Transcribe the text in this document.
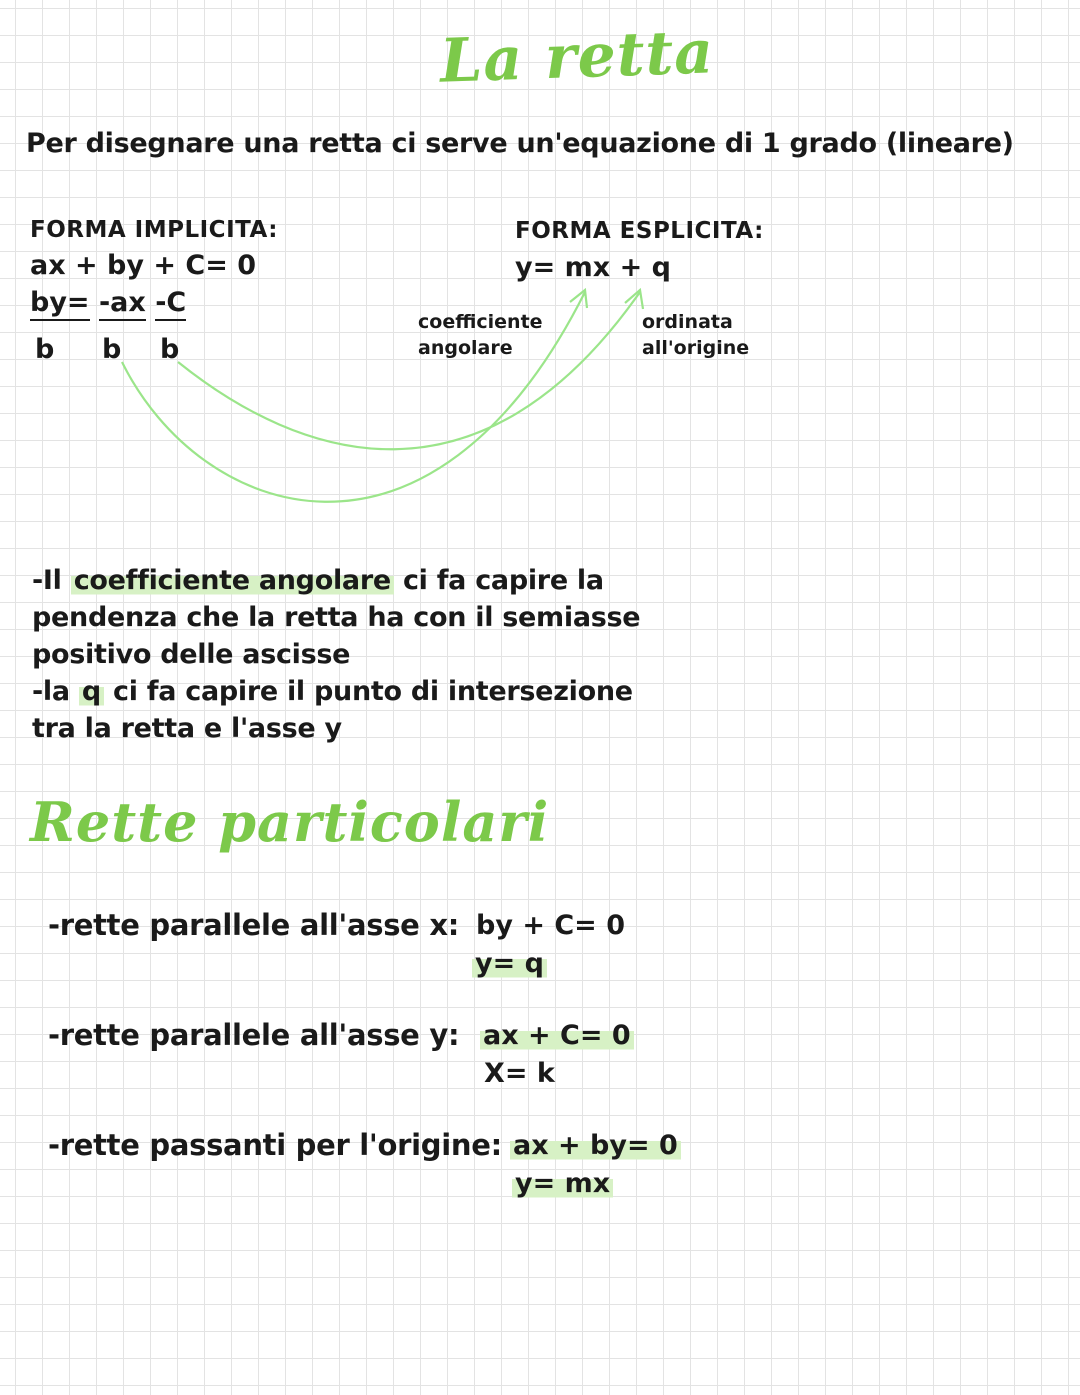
La retta
Per disegnare una retta ci serve un'equazione di 1 grado (lineare)
FORMA IMPLICITA:
ax + by + C= 0
by= -ax -C
b b b
FORMA ESPLICITA:
y= mx + q
coefficiente angolare
ordinata all'origine
-Il coefficiente angolare ci fa capire la
pendenza che la retta ha con il semiasse
positivo delle ascisse
-la q ci fa capire il punto di intersezione
tra la retta e l'asse y
Rette particolari
-rette parallele all'asse x: by + C= 0
y= q
-rette parallele all'asse y: ax + C= 0
X= k
-rette passanti per l'origine: ax + by= 0
y= mx
